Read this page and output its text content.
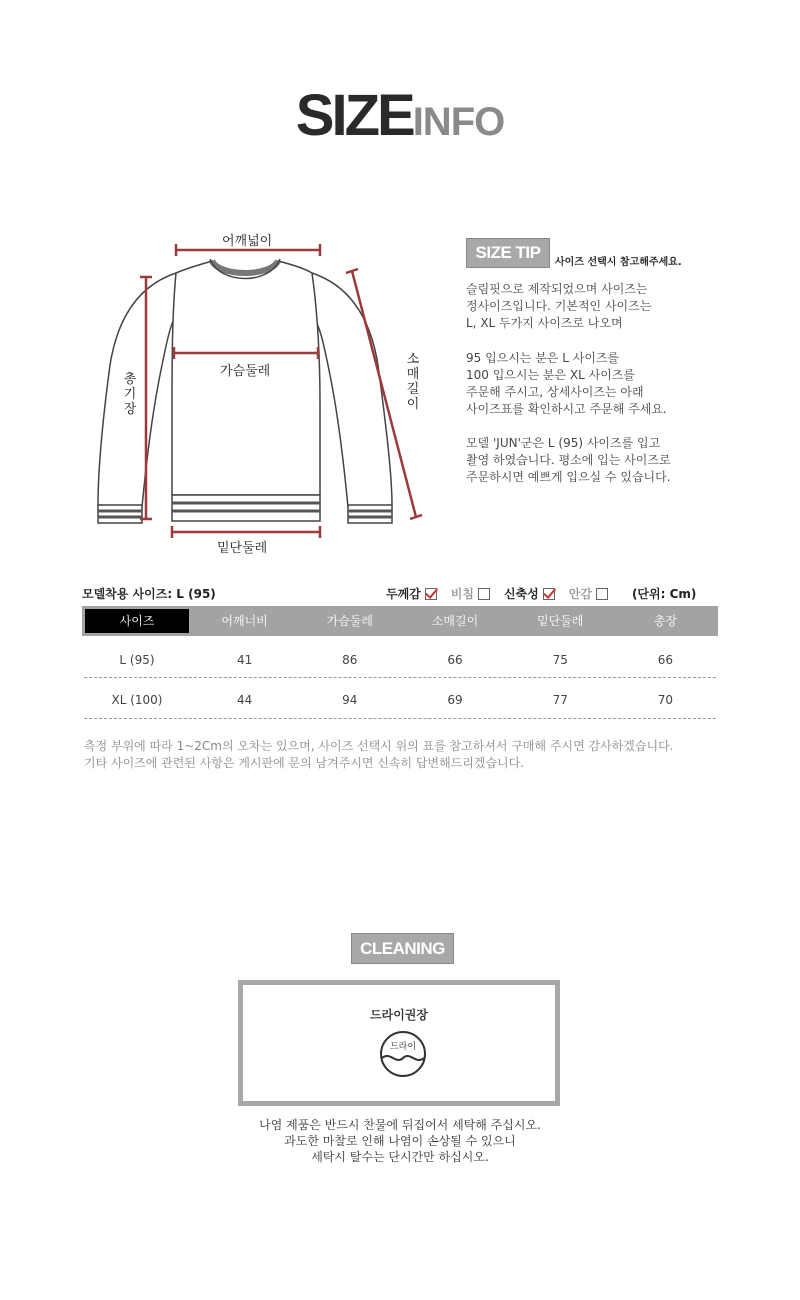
SIZEINFO
어깨넓이
가슴둘레
밑단둘레
총기장
소매길이
SIZE TIP
사이즈 선택시 참고해주세요.
슬림핏으로 제작되었으며 사이즈는
정사이즈입니다. 기본적인 사이즈는
L, XL 두가지 사이즈로 나오며
95 입으시는 분은 L 사이즈를
100 입으시는 분은 XL 사이즈를
주문해 주시고, 상세사이즈는 아래
사이즈표를 확인하시고 주문해 주세요.
모델 'JUN'군은 L (95) 사이즈를 입고
촬영 하였습니다. 평소에 입는 사이즈로
주문하시면 예쁘게 입으실 수 있습니다.
모델착용 사이즈: L (95)	두께감	비침	신축성	안감	(단위: Cm)
사이즈	어깨너비	가슴둘레	소매길이	밑단둘레	총장
L (95)	41	86	66	75	66
XL (100)	44	94	69	77	70
측정 부위에 따라 1~2Cm의 오차는 있으며, 사이즈 선택시 위의 표를 참고하셔서 구매해 주시면 감사하겠습니다.
기타 사이즈에 관련된 사항은 게시판에 문의 남겨주시면 신속히 답변해드리겠습니다.
CLEANING
드라이권장
드라이
나염 제품은 반드시 찬물에 뒤집어서 세탁해 주십시오.
과도한 마찰로 인해 나염이 손상될 수 있으니
세탁시 탈수는 단시간만 하십시오.
